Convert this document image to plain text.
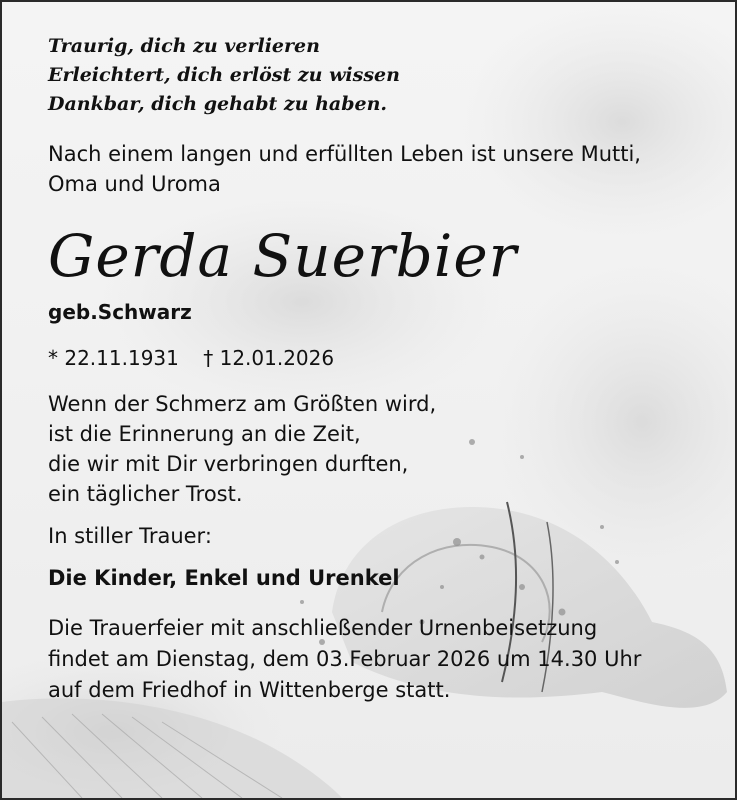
Traurig, dich zu verlieren
Erleichtert, dich erlöst zu wissen
Dankbar, dich gehabt zu haben.
Nach einem langen und erfüllten Leben ist unsere Mutti,
Oma und Uroma
Gerda Suerbier
geb.Schwarz
* 22.11.1931 † 12.01.2026
Wenn der Schmerz am Größten wird,
ist die Erinnerung an die Zeit,
die wir mit Dir verbringen durften,
ein täglicher Trost.
In stiller Trauer:
Die Kinder, Enkel und Urenkel
Die Trauerfeier mit anschließender Urnenbeisetzung
findet am Dienstag, dem 03.Februar 2026 um 14.30 Uhr
auf dem Friedhof in Wittenberge statt.
